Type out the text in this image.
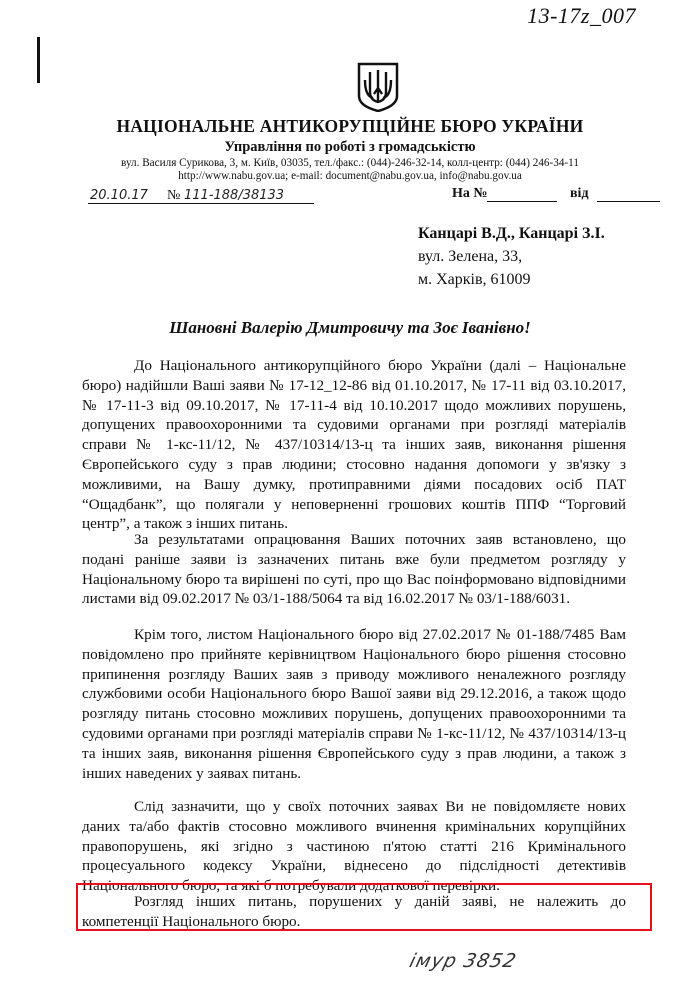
13-17z_007
НАЦІОНАЛЬНЕ АНТИКОРУПЦІЙНЕ БЮРО УКРАЇНИ
Управління по роботі з громадськістю
вул. Василя Сурикова, 3, м. Київ, 03035, тел./факс.: (044)-246-32-14, колл-центр: (044) 246-34-11
http://www.nabu.gov.ua; e-mail: document@nabu.gov.ua, info@nabu.gov.ua
20.10.17 № 111-188/38133	На №	від
Канцарі В.Д., Канцарі З.І.
вул. Зелена, 33,
м. Харків, 61009
Шановні Валерію Дмитровичу та Зоє Іванівно!
До Національного антикорупційного бюро України (далі – Національне бюро) надійшли Ваші заяви № 17-12_12-86 від 01.10.2017, № 17-11 від 03.10.2017, № 17-11-3 від 09.10.2017, № 17-11-4 від 10.10.2017 щодо можливих порушень, допущених правоохоронними та судовими органами при розгляді матеріалів справи № 1-кс-11/12, № 437/10314/13-ц та інших заяв, виконання рішення Європейського суду з прав людини; стосовно надання допомоги у зв'язку з можливими, на Вашу думку, протиправними діями посадових осіб ПАТ “Ощадбанк”, що полягали у неповерненні грошових коштів ППФ “Торговий центр”, а також з інших питань.
За результатами опрацювання Ваших поточних заяв встановлено, що подані раніше заяви із зазначених питань вже були предметом розгляду у Національному бюро та вирішені по суті, про що Вас поінформовано відповідними листами від 09.02.2017 № 03/1-188/5064 та від 16.02.2017 № 03/1-188/6031.
Крім того, листом Національного бюро від 27.02.2017 № 01-188/7485 Вам повідомлено про прийняте керівництвом Національного бюро рішення стосовно припинення розгляду Ваших заяв з приводу можливого неналежного розгляду службовими особи Національного бюро Вашої заяви від 29.12.2016, а також щодо розгляду питань стосовно можливих порушень, допущених правоохоронними та судовими органами при розгляді матеріалів справи № 1-кс-11/12, № 437/10314/13-ц та інших заяв, виконання рішення Європейського суду з прав людини, а також з інших наведених у заявах питань.
Слід зазначити, що у своїх поточних заявах Ви не повідомляєте нових даних та/або фактів стосовно можливого вчинення кримінальних корупційних правопорушень, які згідно з частиною п'ятою статті 216 Кримінального процесуального кодексу України, віднесено до підслідності детективів Національного бюро, та які б потребували додаткової перевірки.
Розгляд інших питань, порушених у даній заяві, не належить до компетенції Національного бюро.
імур 3852
